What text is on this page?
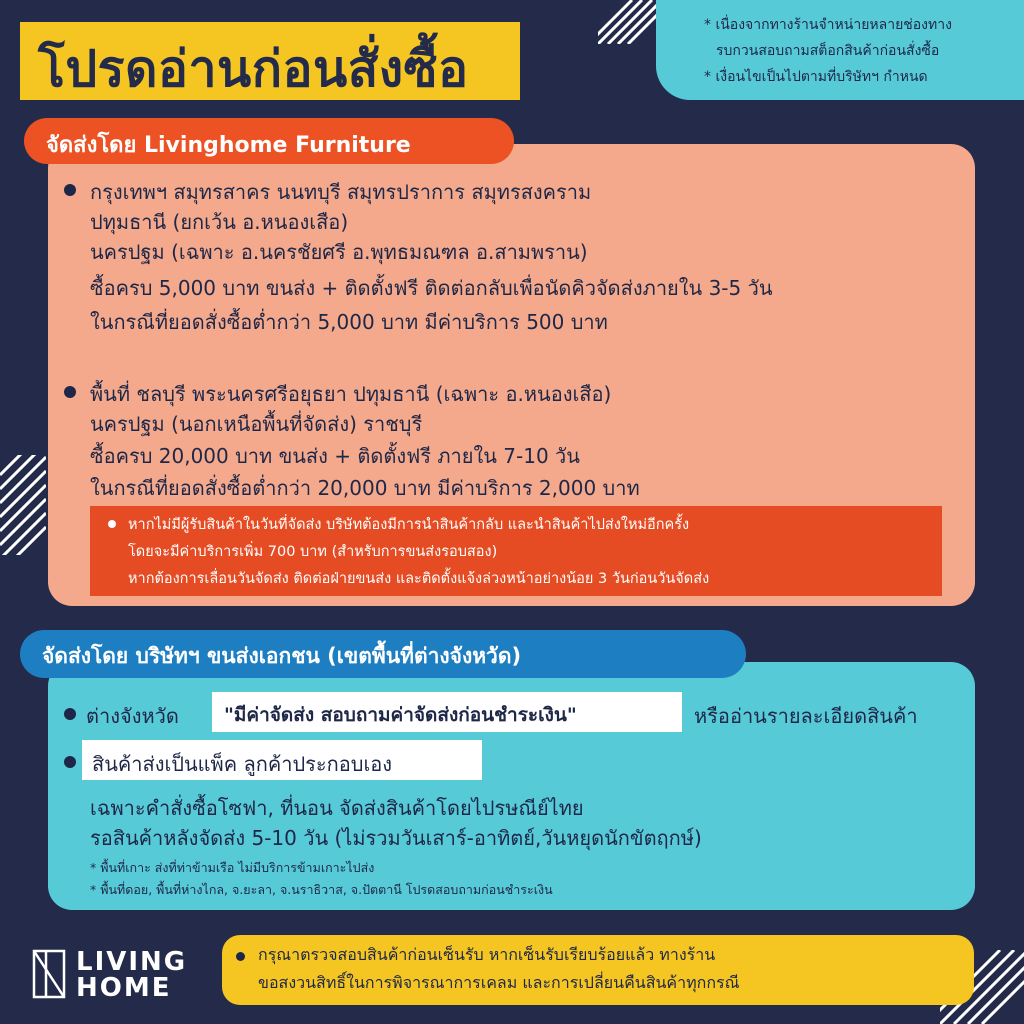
โปรดอ่านก่อนสั่งซื้อ
* เนื่องจากทางร้านจำหน่ายหลายช่องทาง
รบกวนสอบถามสต็อกสินค้าก่อนสั่งซื้อ
* เงื่อนไขเป็นไปตามที่บริษัทฯ กำหนด
กรุงเทพฯ สมุทรสาคร นนทบุรี สมุทรปราการ สมุทรสงคราม
ปทุมธานี (ยกเว้น อ.หนองเสือ)
นครปฐม (เฉพาะ อ.นครชัยศรี อ.พุทธมณฑล อ.สามพราน)
ซื้อครบ 5,000 บาท ขนส่ง + ติดตั้งฟรี ติดต่อกลับเพื่อนัดคิวจัดส่งภายใน 3-5 วัน
ในกรณีที่ยอดสั่งซื้อต่ำกว่า 5,000 บาท มีค่าบริการ 500 บาท
พื้นที่ ชลบุรี พระนครศรีอยุธยา ปทุมธานี (เฉพาะ อ.หนองเสือ)
นครปฐม (นอกเหนือพื้นที่จัดส่ง) ราชบุรี
ซื้อครบ 20,000 บาท ขนส่ง + ติดตั้งฟรี ภายใน 7-10 วัน
ในกรณีที่ยอดสั่งซื้อต่ำกว่า 20,000 บาท มีค่าบริการ 2,000 บาท
จัดส่งโดย Livinghome Furniture
หากไม่มีผู้รับสินค้าในวันที่จัดส่ง บริษัทต้องมีการนำสินค้ากลับ และนำสินค้าไปส่งใหม่อีกครั้ง
โดยจะมีค่าบริการเพิ่ม 700 บาท (สำหรับการขนส่งรอบสอง)
หากต้องการเลื่อนวันจัดส่ง ติดต่อฝ่ายขนส่ง และติดตั้งแจ้งล่วงหน้าอย่างน้อย 3 วันก่อนวันจัดส่ง
ต่างจังหวัด "มีค่าจัดส่ง สอบถามค่าจัดส่งก่อนชำระเงิน"	หรืออ่านรายละเอียดสินค้า
สินค้าส่งเป็นแพ็ค ลูกค้าประกอบเอง
เฉพาะคำสั่งซื้อโซฟา, ที่นอน จัดส่งสินค้าโดยไปรษณีย์ไทย
รอสินค้าหลังจัดส่ง 5-10 วัน (ไม่รวมวันเสาร์-อาทิตย์,วันหยุดนักขัตฤกษ์)
* พื้นที่เกาะ ส่งที่ท่าข้ามเรือ ไม่มีบริการข้ามเกาะไปส่ง
* พื้นที่ดอย, พื้นที่ห่างไกล, จ.ยะลา, จ.นราธิวาส, จ.ปัตตานี โปรดสอบถามก่อนชำระเงิน
จัดส่งโดย บริษัทฯ ขนส่งเอกชน (เขตพื้นที่ต่างจังหวัด)
LIVING
HOME
กรุณาตรวจสอบสินค้าก่อนเซ็นรับ หากเซ็นรับเรียบร้อยแล้ว ทางร้าน
ขอสงวนสิทธิ์ในการพิจารณาการเคลม และการเปลี่ยนคืนสินค้าทุกกรณี
